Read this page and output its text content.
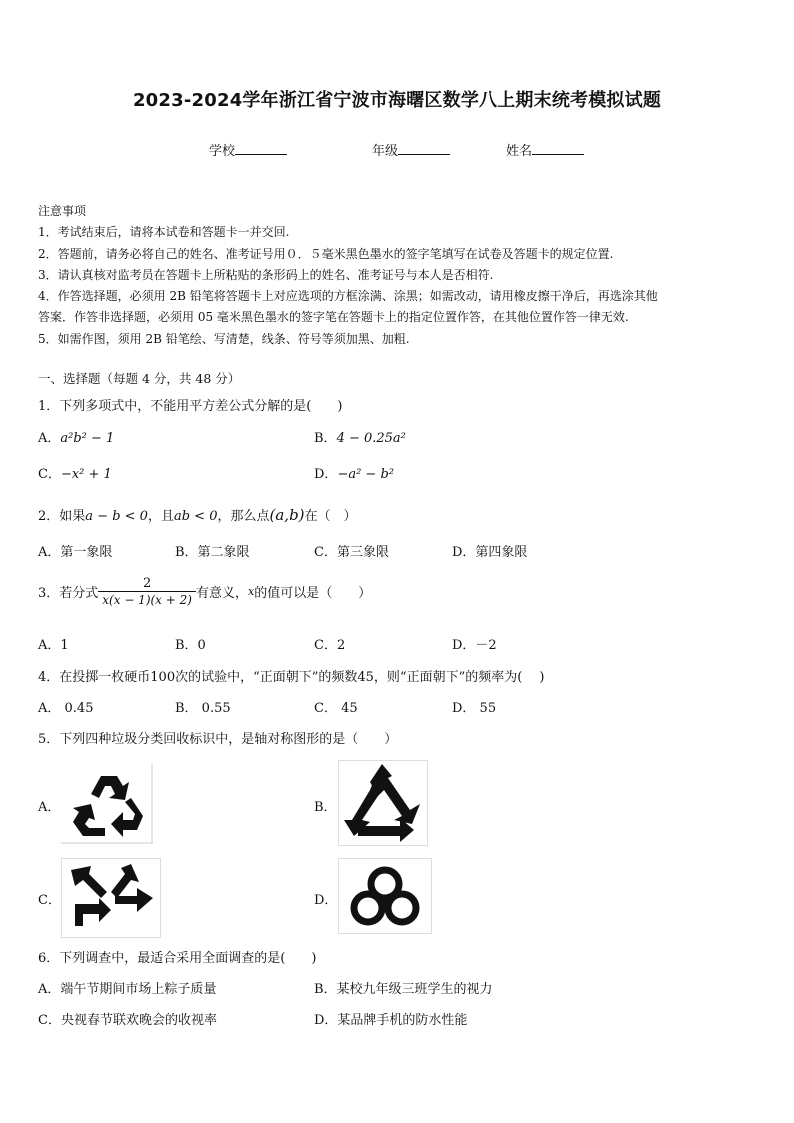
2023-2024学年浙江省宁波市海曙区数学八上期末统考模拟试题
学校	年级	姓名
注意事项
1．考试结束后，请将本试卷和答题卡一并交回.
2．答题前，请务必将自己的姓名、准考证号用０．５毫米黑色墨水的签字笔填写在试卷及答题卡的规定位置.
3．请认真核对监考员在答题卡上所粘贴的条形码上的姓名、准考证号与本人是否相符.
4．作答选择题，必须用 2B 铅笔将答题卡上对应选项的方框涂满、涂黑；如需改动，请用橡皮擦干净后，再选涂其他
答案．作答非选择题，必须用 05 毫米黑色墨水的签字笔在答题卡上的指定位置作答，在其他位置作答一律无效.
5．如需作图，须用 2B 铅笔绘、写清楚，线条、符号等须加黑、加粗.
一、选择题（每题 4 分，共 48 分）
1．下列多项式中，不能用平方差公式分解的是(　　)
A．a²b² − 1	B．4 − 0.25a²
C．−x² + 1	D．−a² − b²
2．如果a − b < 0，且ab < 0，那么点(a,b)在（　）
A．第一象限	B．第二象限	C．第三象限	D．第四象限
3．若分式 $\frac{2}{x(x - 1)(x + 2)}$ 有意义，x的值可以是（　　）
A．1	B．0	C．2	D．－2
4．在投掷一枚硬币100次的试验中，“正面朝下”的频数45，则“正面朝下”的频率为(　 )
A． 0.45	B． 0.55	C． 45	D． 55
5．下列四种垃圾分类回收标识中，是轴对称图形的是（　　）
A．	B．
C．	D．
6．下列调查中，最适合采用全面调查的是(　　)
A．端午节期间市场上粽子质量	B．某校九年级三班学生的视力
C．央视春节联欢晚会的收视率	D．某品牌手机的防水性能
